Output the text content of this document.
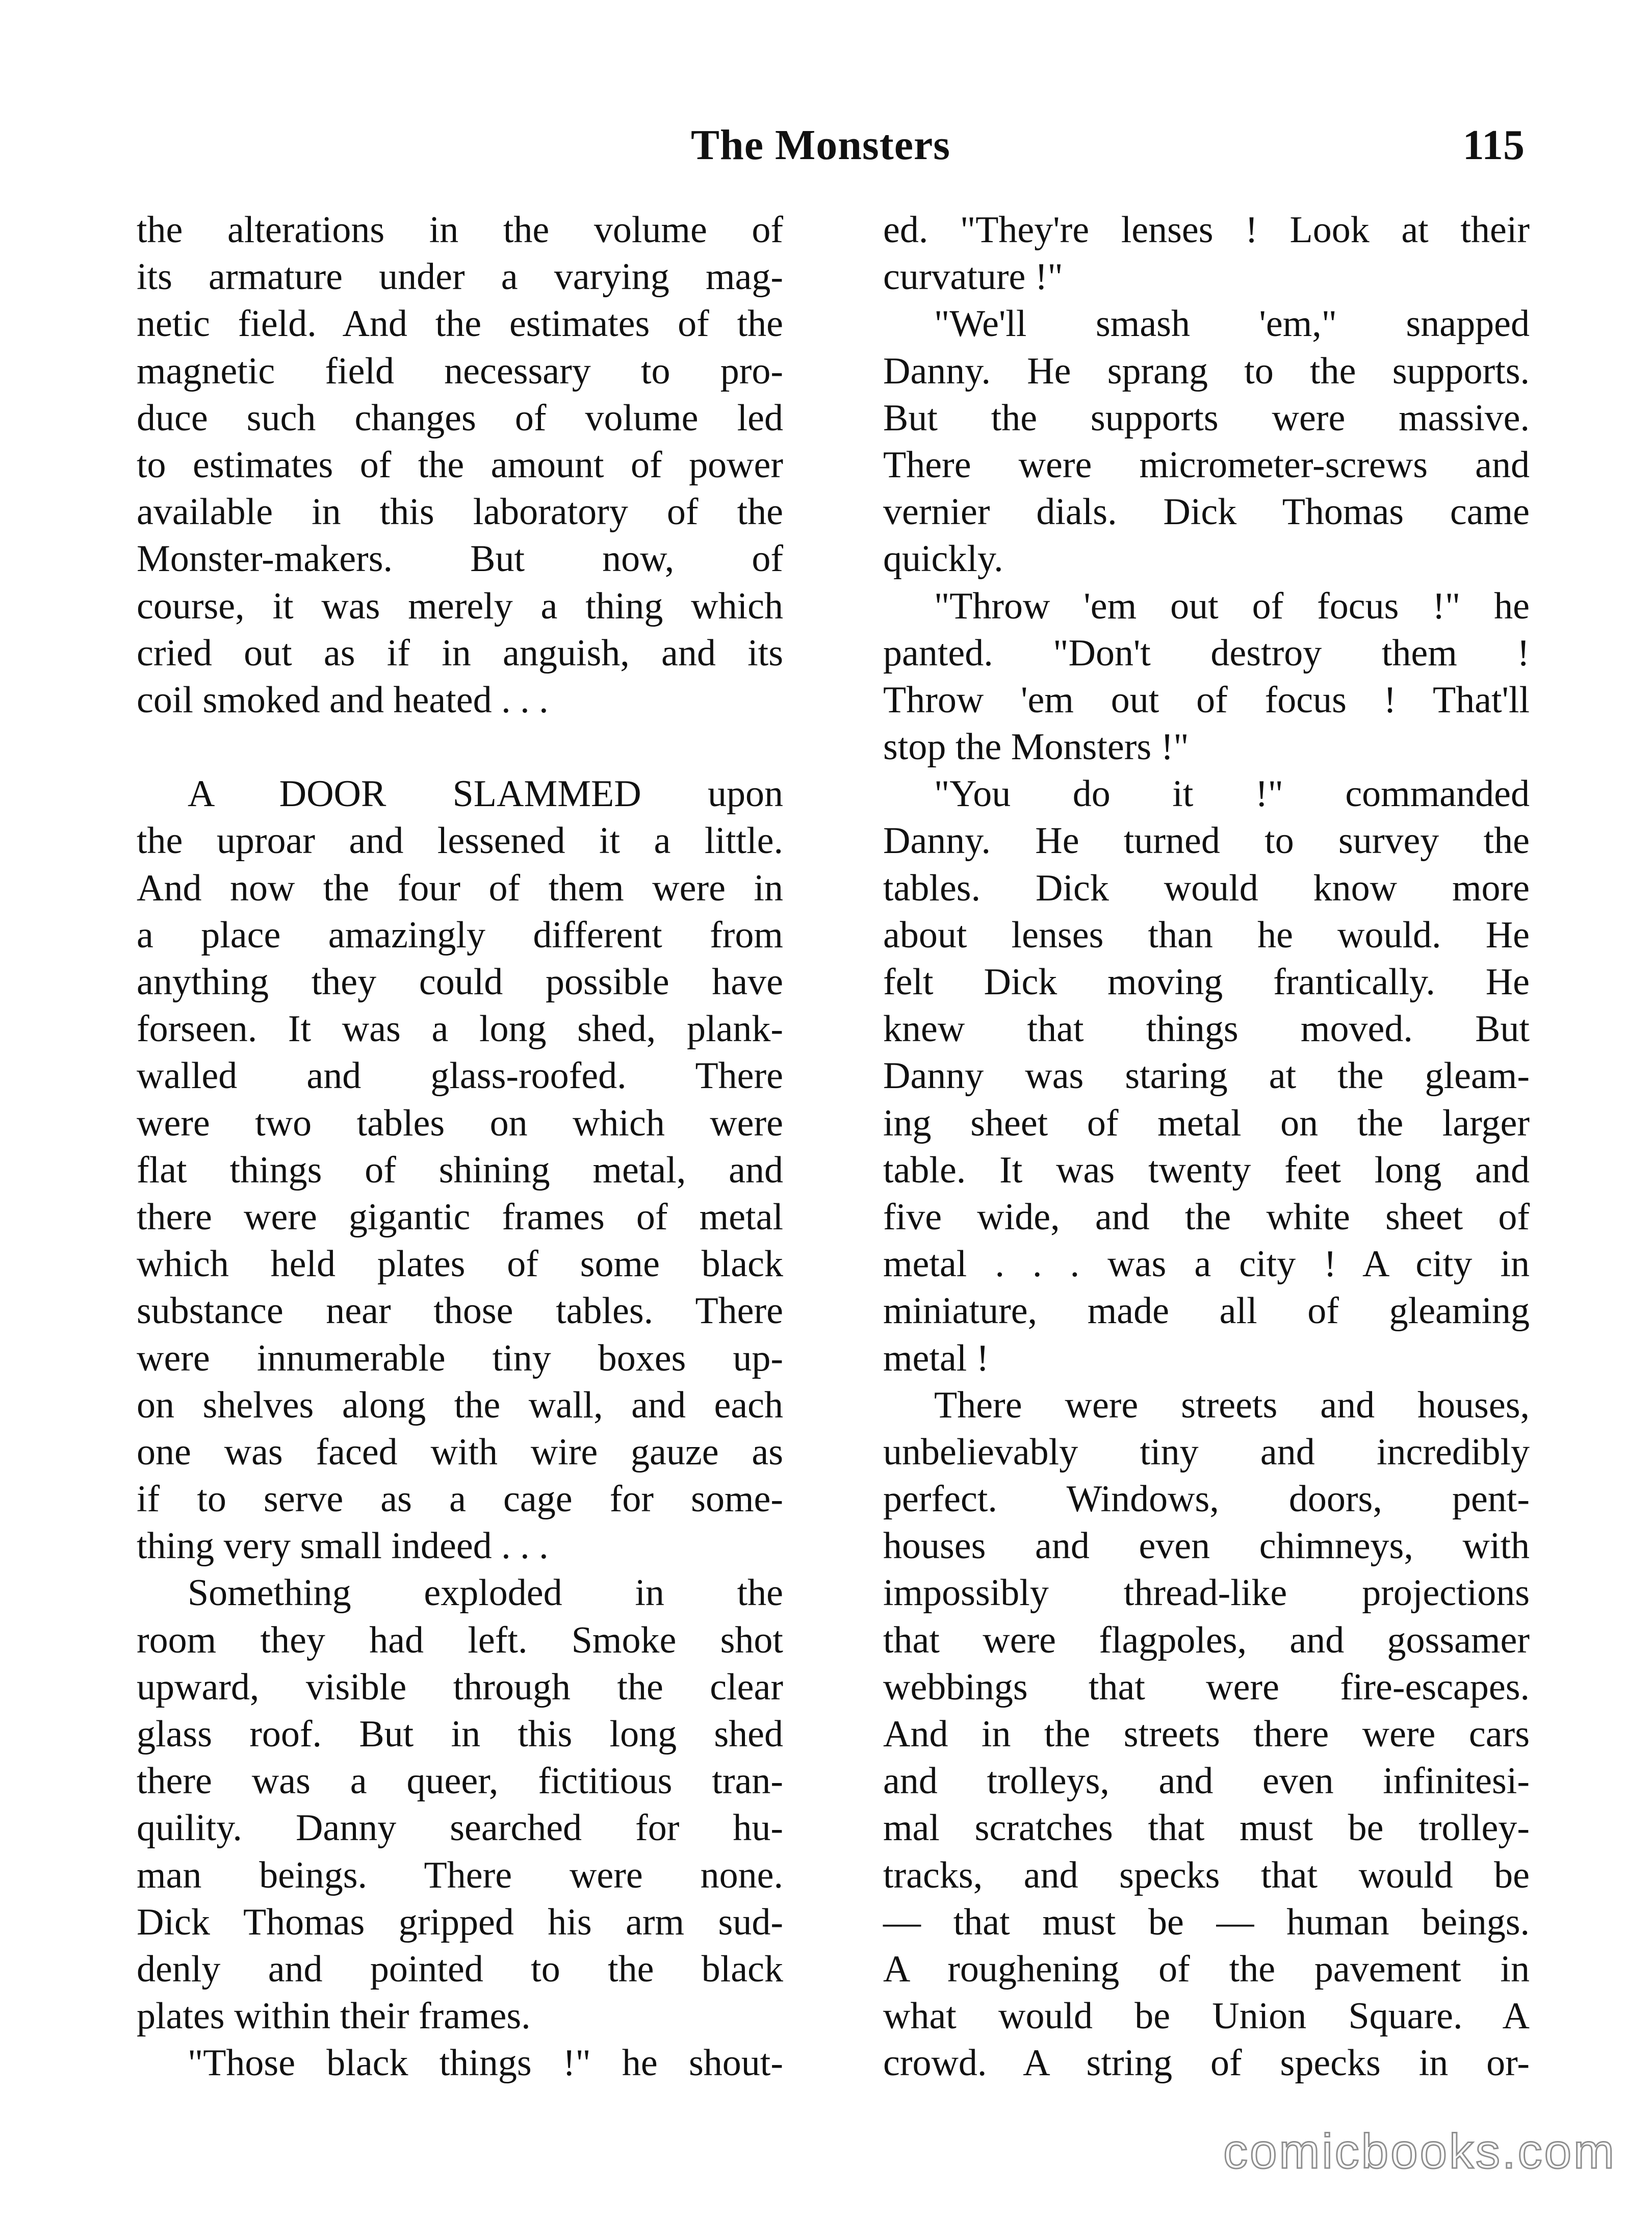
The Monsters	115
the alterations in the volume of
its armature under a varying mag-
netic field. And the estimates of the
magnetic field necessary to pro-
duce such changes of volume led
to estimates of the amount of power
available in this laboratory of the
Monster-makers. But now, of
course, it was merely a thing which
cried out as if in anguish, and its
coil smoked and heated . . .
A DOOR SLAMMED upon
the uproar and lessened it a little.
And now the four of them were in
a place amazingly different from
anything they could possible have
forseen. It was a long shed, plank-
walled and glass-roofed. There
were two tables on which were
flat things of shining metal, and
there were gigantic frames of metal
which held plates of some black
substance near those tables. There
were innumerable tiny boxes up-
on shelves along the wall, and each
one was faced with wire gauze as
if to serve as a cage for some-
thing very small indeed . . .
Something exploded in the
room they had left. Smoke shot
upward, visible through the clear
glass roof. But in this long shed
there was a queer, fictitious tran-
quility. Danny searched for hu-
man beings. There were none.
Dick Thomas gripped his arm sud-
denly and pointed to the black
plates within their frames.
"Those black things !" he shout-
ed. "They're lenses ! Look at their
curvature !"
"We'll smash 'em," snapped
Danny. He sprang to the supports.
But the supports were massive.
There were micrometer-screws and
vernier dials. Dick Thomas came
quickly.
"Throw 'em out of focus !" he
panted. "Don't destroy them !
Throw 'em out of focus ! That'll
stop the Monsters !"
"You do it !" commanded
Danny. He turned to survey the
tables. Dick would know more
about lenses than he would. He
felt Dick moving frantically. He
knew that things moved. But
Danny was staring at the gleam-
ing sheet of metal on the larger
table. It was twenty feet long and
five wide, and the white sheet of
metal . . . was a city ! A city in
miniature, made all of gleaming
metal !
There were streets and houses,
unbelievably tiny and incredibly
perfect. Windows, doors, pent-
houses and even chimneys, with
impossibly thread-like projections
that were flagpoles, and gossamer
webbings that were fire-escapes.
And in the streets there were cars
and trolleys, and even infinitesi-
mal scratches that must be trolley-
tracks, and specks that would be
— that must be — human beings.
A roughening of the pavement in
what would be Union Square. A
crowd. A string of specks in or-
comicbooks.com
